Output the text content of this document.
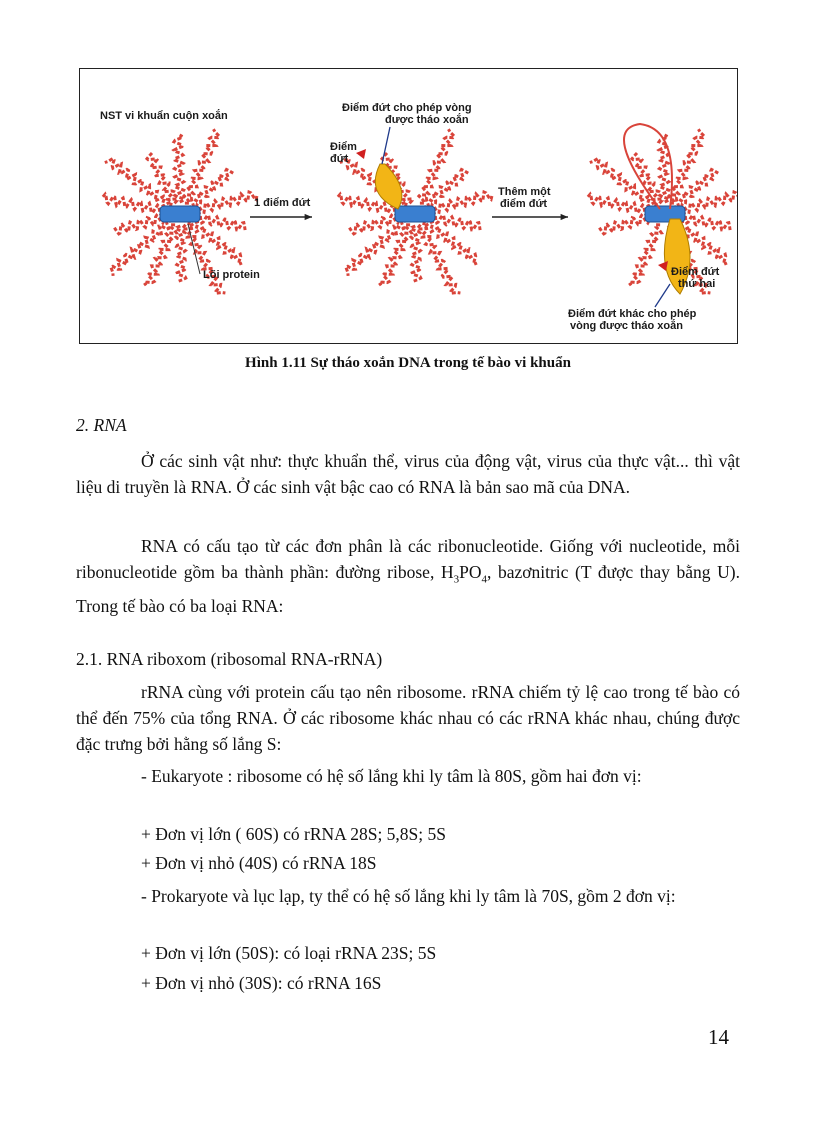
NST vi khuẩn cuộn xoắn
Lõi protein
1 điểm đứt
Điểm đứt cho phép vòng
được tháo xoắn
Điểm
đứt
Thêm một
điểm đứt
Điểm đứt
thứ hai
Điểm đứt khác cho phép
vòng được tháo xoắn
Hình 1.11 Sự tháo xoắn DNA trong tế bào vi khuẩn
2. RNA
Ở các sinh vật như: thực khuẩn thể, virus của động vật, virus của thực vật... thì vật liệu di truyền là RNA. Ở các sinh vật bậc cao có RNA là bản sao mã của DNA.
RNA có cấu tạo từ các đơn phân là các ribonucleotide. Giống với nucleotide, mỗi ribonucleotide gồm ba thành phần: đường ribose, $H_3PO_4$, bazơnitric (T được thay bằng U). Trong tế bào có ba loại RNA:
2.1. RNA riboxom (ribosomal RNA-rRNA)
rRNA cùng với protein cấu tạo nên ribosome. rRNA chiếm tỷ lệ cao trong tế bào có thể đến 75% của tổng RNA. Ở các ribosome khác nhau có các rRNA khác nhau, chúng được đặc trưng bởi hằng số lắng S:
- Eukaryote : ribosome có hệ số lắng khi ly tâm là 80S, gồm hai đơn vị:
+ Đơn vị lớn ( 60S) có rRNA 28S; 5,8S; 5S
+ Đơn vị nhỏ (40S) có rRNA 18S
- Prokaryote và lục lạp, ty thể có hệ số lắng khi ly tâm là 70S, gồm 2 đơn vị:
+ Đơn vị lớn (50S): có loại rRNA 23S; 5S
+ Đơn vị nhỏ (30S): có rRNA 16S
14
